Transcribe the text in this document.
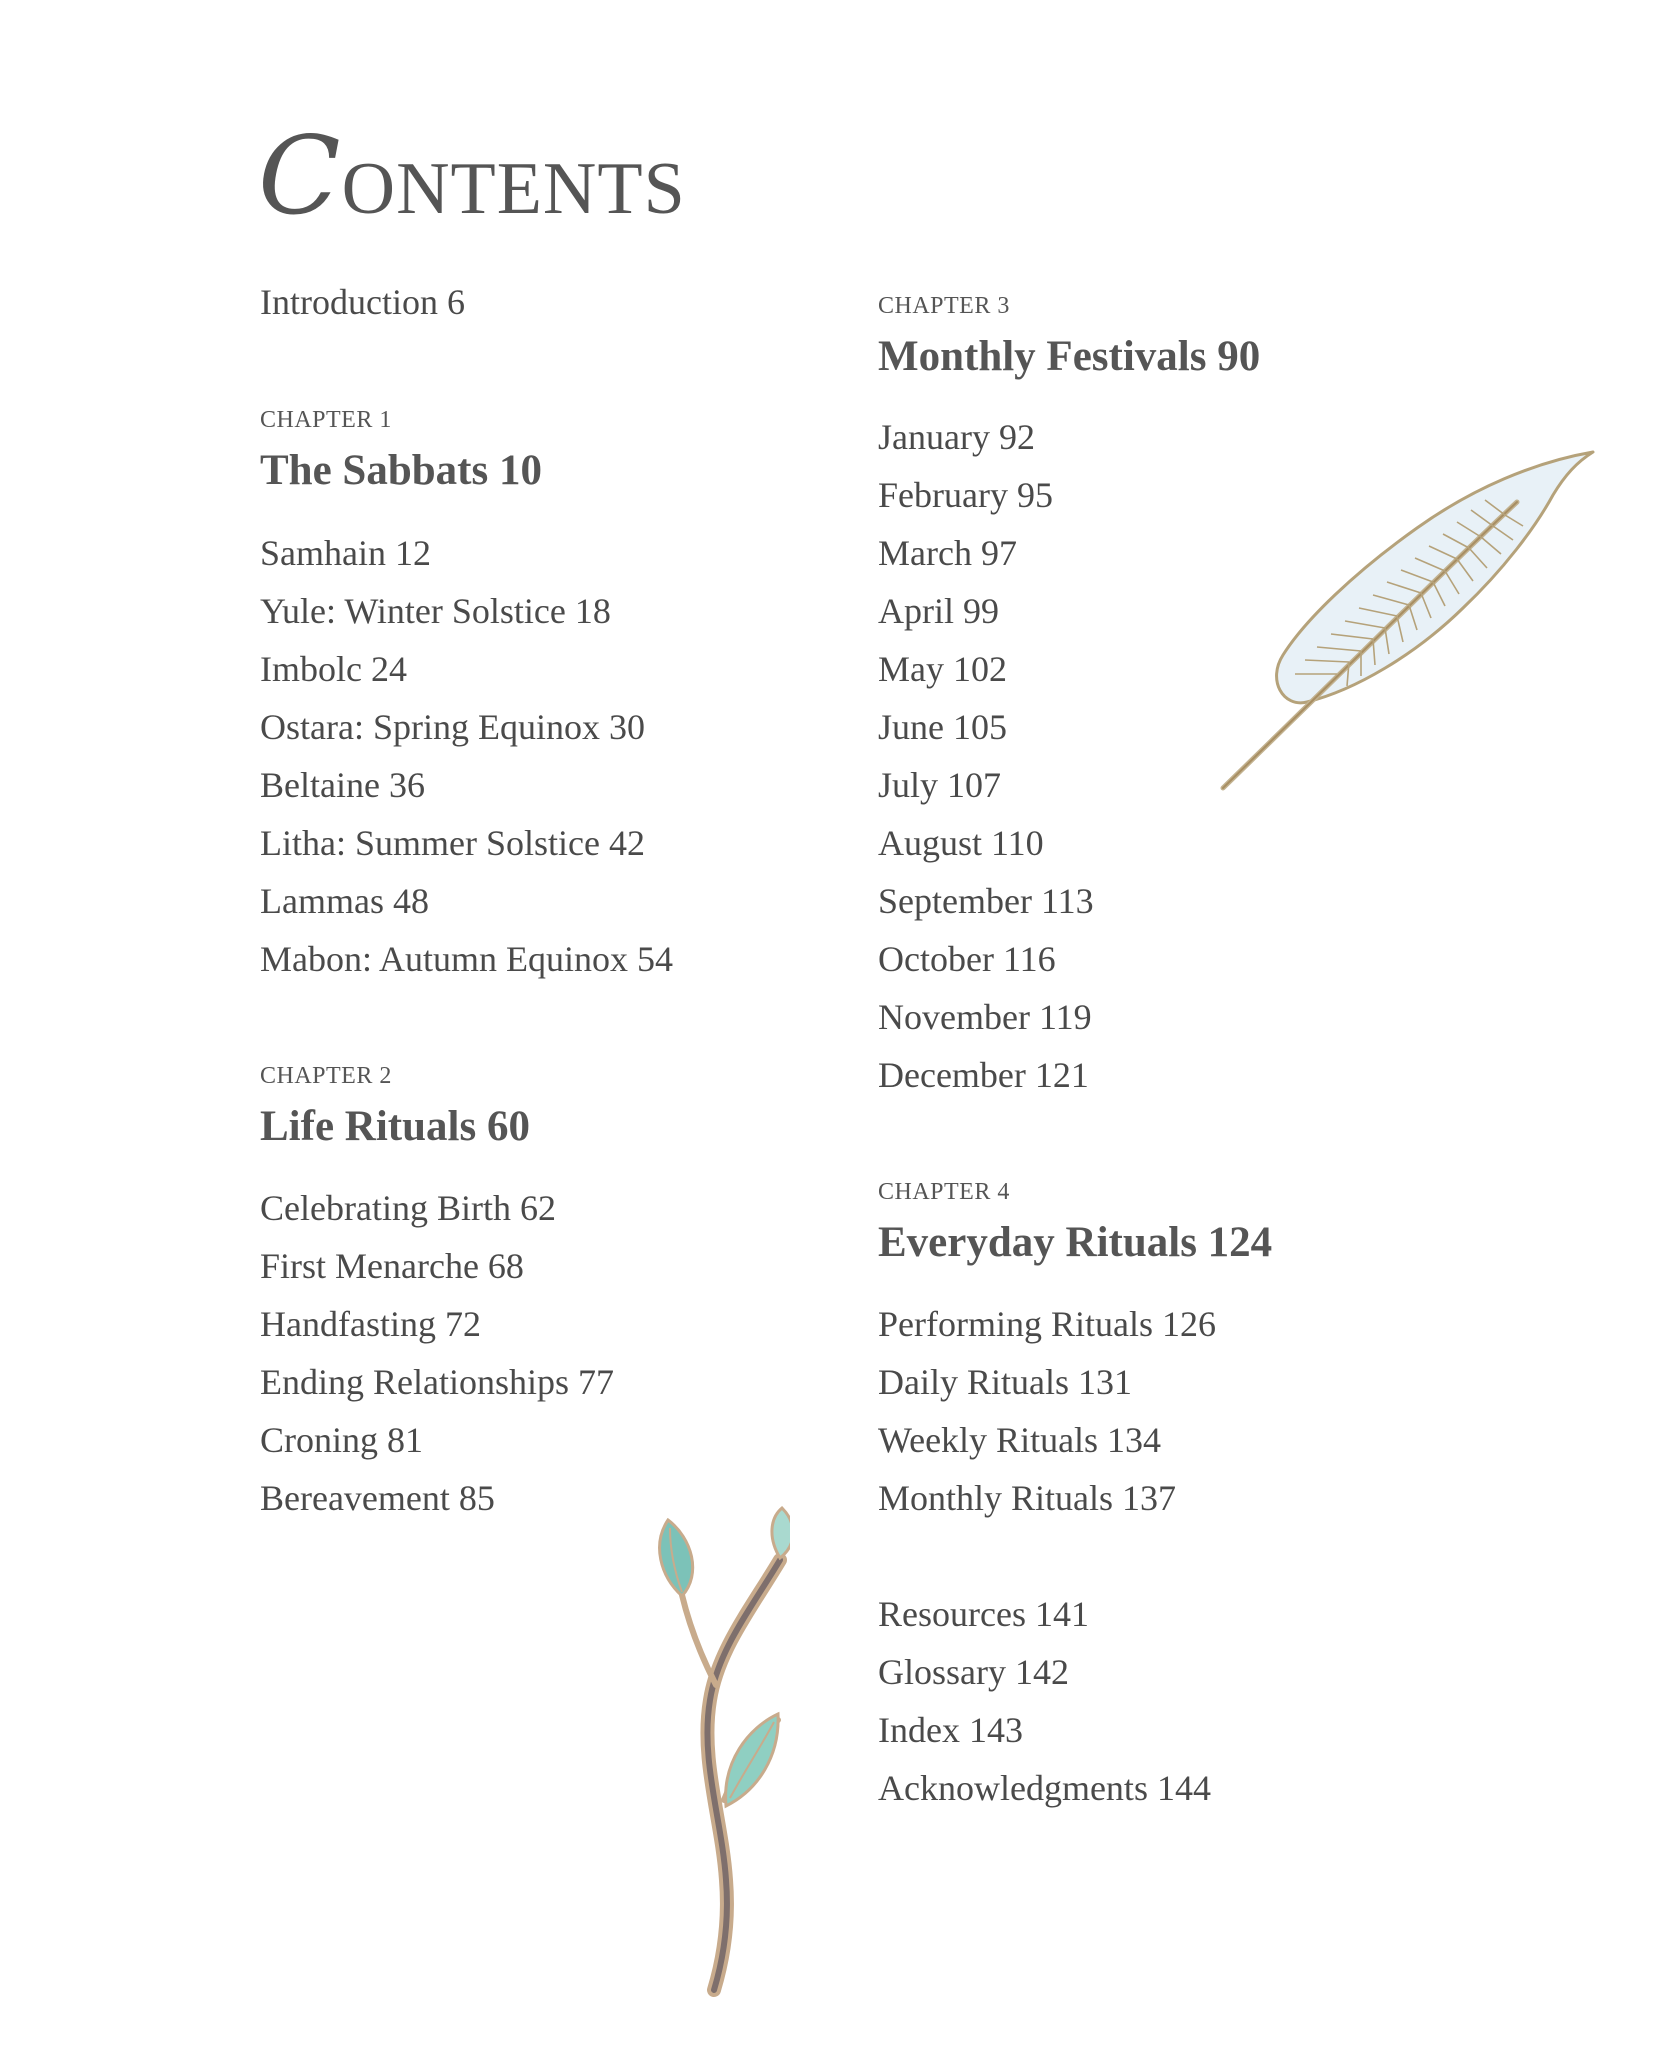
CONTENTS
Introduction 6
CHAPTER 1
The Sabbats 10
Samhain 12
Yule: Winter Solstice 18
Imbolc 24
Ostara: Spring Equinox 30
Beltaine 36
Litha: Summer Solstice 42
Lammas 48
Mabon: Autumn Equinox 54
CHAPTER 2
Life Rituals 60
Celebrating Birth 62
First Menarche 68
Handfasting 72
Ending Relationships 77
Croning 81
Bereavement 85
CHAPTER 3
Monthly Festivals 90
January 92
February 95
March 97
April 99
May 102
June 105
July 107
August 110
September 113
October 116
November 119
December 121
CHAPTER 4
Everyday Rituals 124
Performing Rituals 126
Daily Rituals 131
Weekly Rituals 134
Monthly Rituals 137
Resources 141
Glossary 142
Index 143
Acknowledgments 144
